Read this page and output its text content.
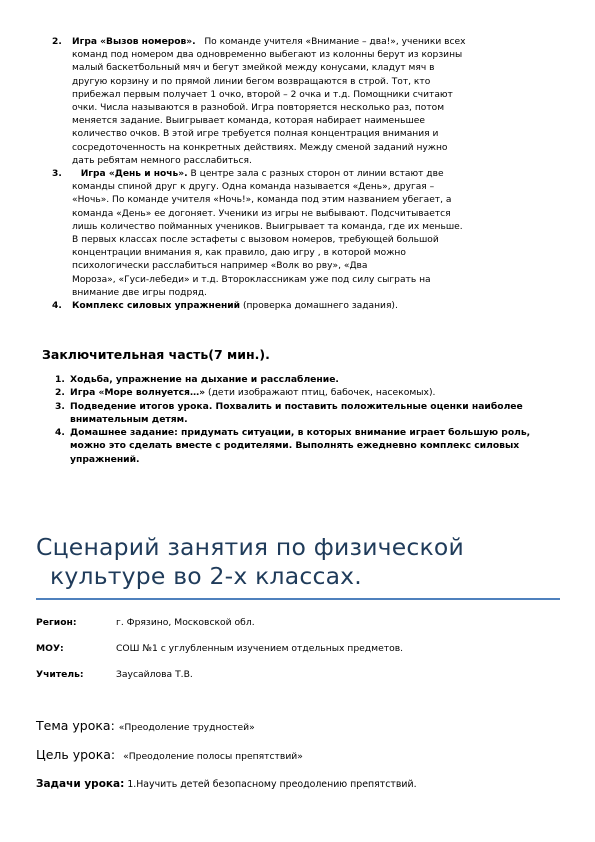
2.	Игра «Вызов номеров». По команде учителя «Внимание – два!», ученики всех
команд под номером два одновременно выбегают из колонны берут из корзины
малый баскетбольный мяч и бегут змейкой между конусами, кладут мяч в
другую корзину и по прямой линии бегом возвращаются в строй. Тот, кто
прибежал первым получает 1 очко, второй – 2 очка и т.д. Помощники считают
очки. Числа называются в разнобой. Игра повторяется несколько раз, потом
меняется задание. Выигрывает команда, которая набирает наименьшее
количество очков. В этой игре требуется полная концентрация внимания и
сосредоточенность на конкретных действиях. Между сменой заданий нужно
дать ребятам немного расслабиться.
3.	Игра «День и ночь». В центре зала с разных сторон от линии встают две
команды спиной друг к другу. Одна команда называется «День», другая –
«Ночь». По команде учителя «Ночь!», команда под этим названием убегает, а
команда «День» ее догоняет. Ученики из игры не выбывают. Подсчитывается
лишь количество пойманных учеников. Выигрывает та команда, где их меньше.
В первых классах после эстафеты с вызовом номеров, требующей большой
концентрации внимания я, как правило, даю игру , в которой можно
психологически расслабиться например «Волк во рву», «Два
Мороза», «Гуси-лебеди» и т.д. Второклассникам уже под силу сыграть на
внимание две игры подряд.
4.	Комплекс силовых упражнений (проверка домашнего задания).
Заключительная часть(7 мин.).
1. Ходьба, упражнение на дыхание и расслабление.
2. Игра «Море волнуется…» (дети изображают птиц, бабочек, насекомых).
3. Подведение итогов урока. Похвалить и поставить положительные оценки наиболее внимательным детям.
4. Домашнее задание: придумать ситуации, в которых внимание играет большую роль, можно это сделать вместе с родителями. Выполнять ежедневно комплекс силовых упражнений.
Сценарий занятия по физической
культуре во 2-х классах.
Регион:	г. Фрязино, Московской обл.
МОУ:	СОШ №1 с углубленным изучением отдельных предметов.
Учитель:	Заусайлова Т.В.
Тема урока: «Преодоление трудностей»
Цель урока: «Преодоление полосы препятствий»
Задачи урока: 1.Научить детей безопасному преодолению препятствий.
